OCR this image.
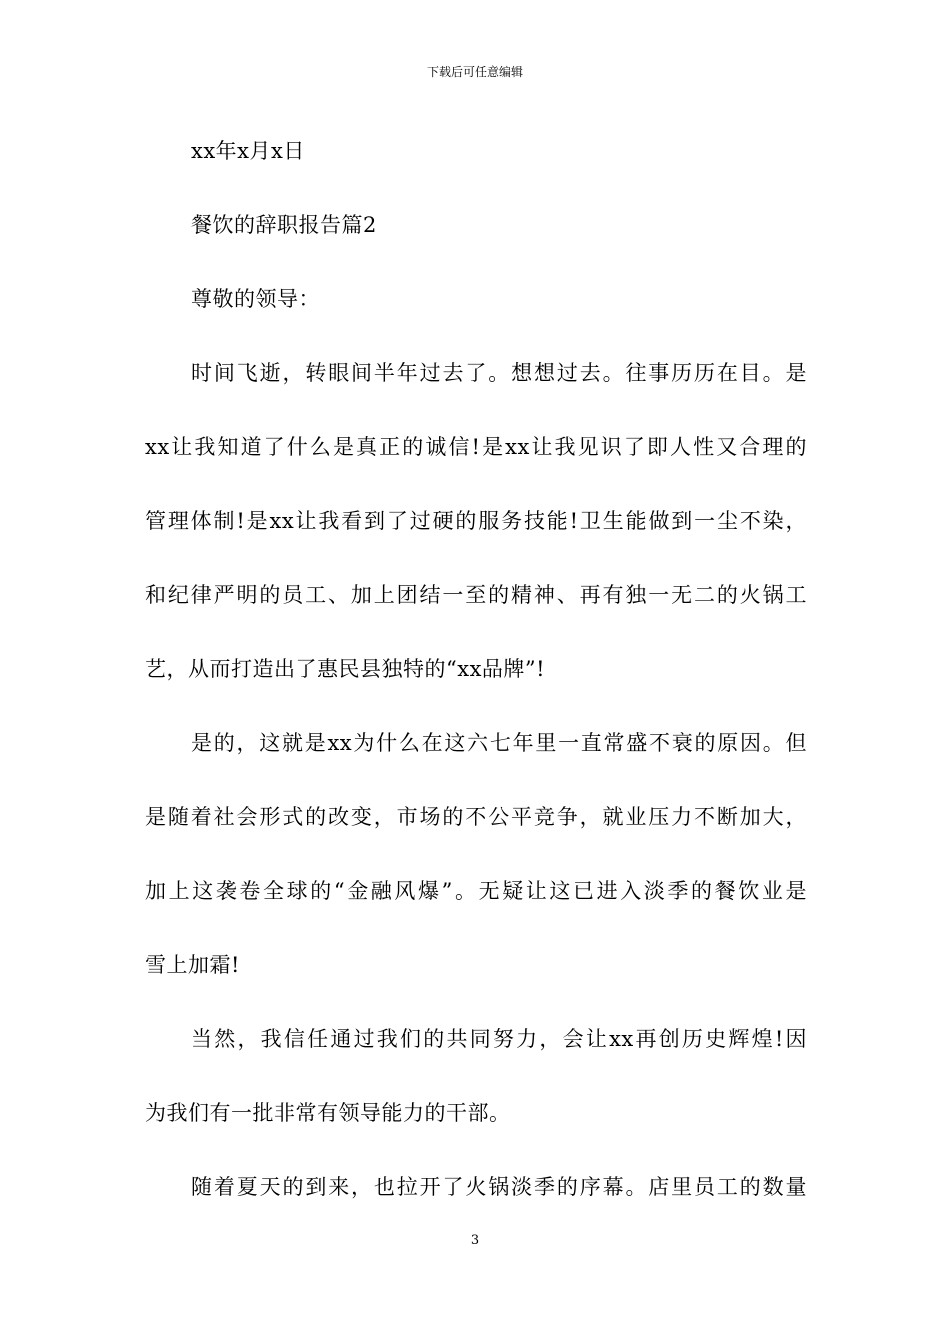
下载后可任意编辑

xx年x月x日

餐饮的辞职报告篇2

尊敬的领导：

时间飞逝，转眼间半年过去了。想想过去。往事历历在目。是

xx让我知道了什么是真正的诚信!是xx让我见识了即人性又合理的

管理体制!是xx让我看到了过硬的服务技能!卫生能做到一尘不染，

和纪律严明的员工、加上团结一至的精神、再有独一无二的火锅工

艺，从而打造出了惠民县独特的“xx品牌”!

是的，这就是xx为什么在这六七年里一直常盛不衰的原因。但

是随着社会形式的改变，市场的不公平竞争，就业压力不断加大，

加上这袭卷全球的“金融风爆”。无疑让这已进入淡季的餐饮业是

雪上加霜!

当然，我信任通过我们的共同努力，会让xx再创历史辉煌!因

为我们有一批非常有领导能力的干部。

随着夏天的到来，也拉开了火锅淡季的序幕。店里员工的数量

3
